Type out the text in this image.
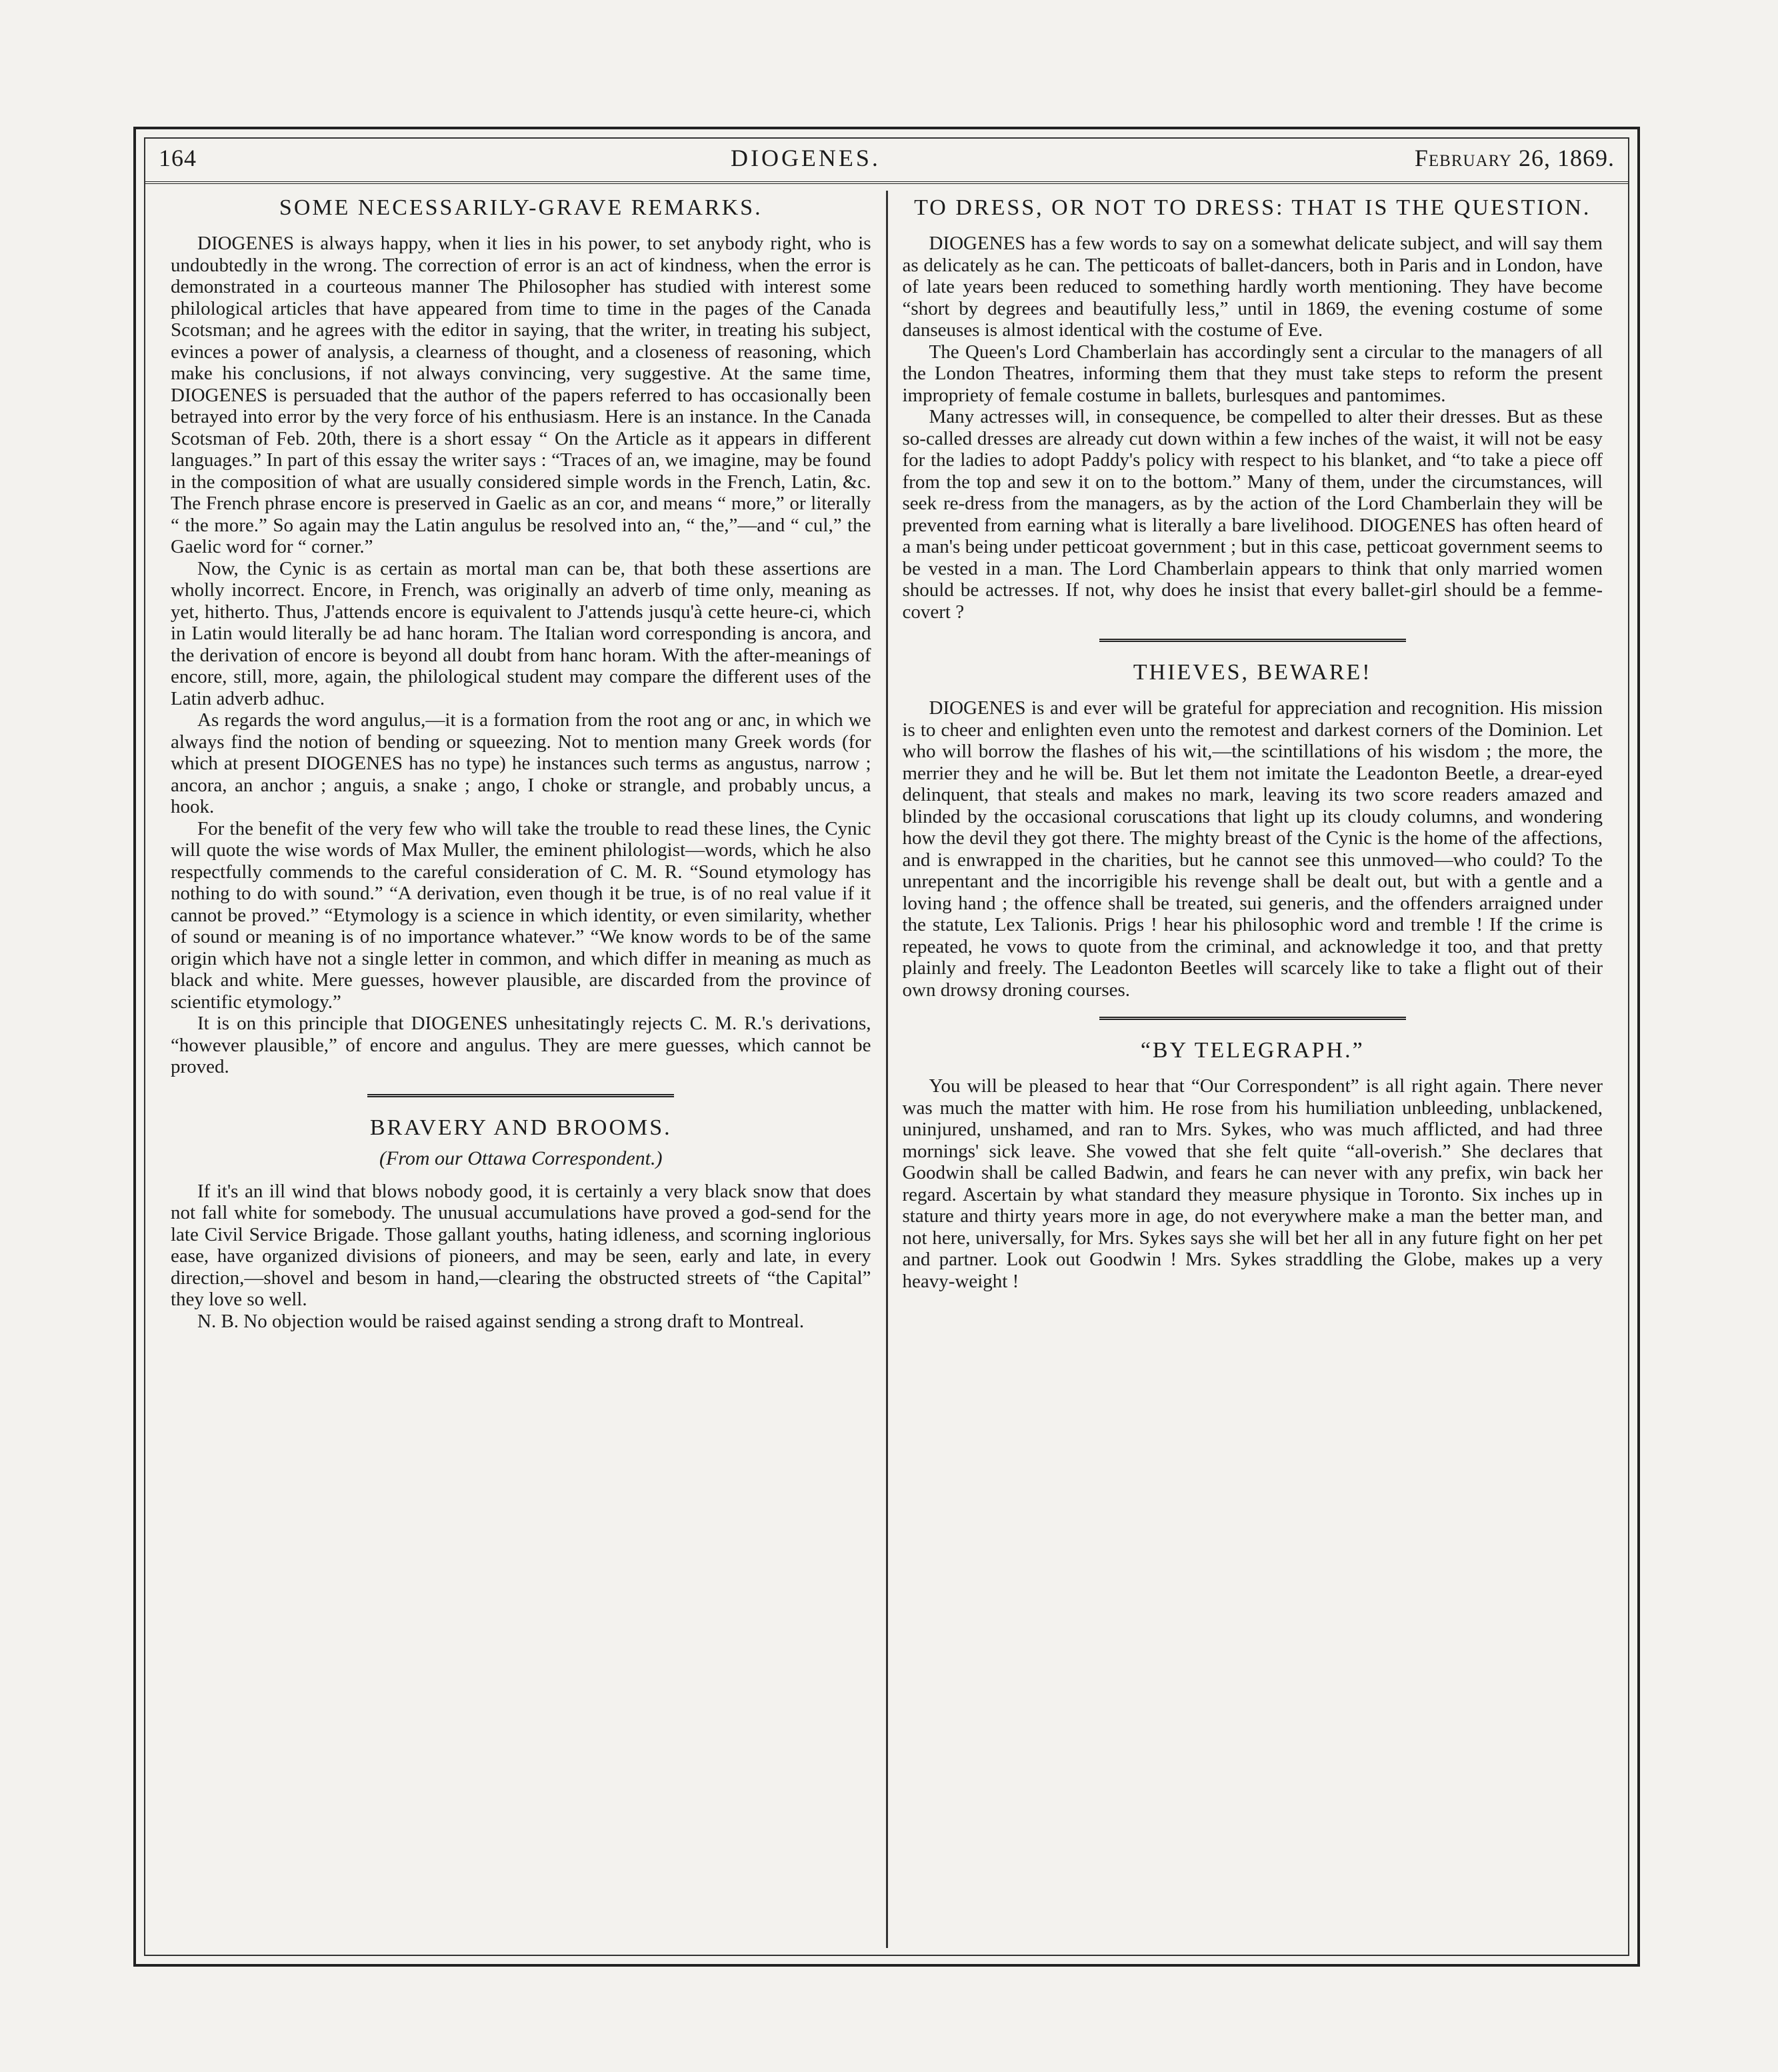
164	DIOGENES.	February 26, 1869.
SOME NECESSARILY-GRAVE REMARKS.

DIOGENES is always happy, when it lies in his power, to set anybody right, who is undoubtedly in the wrong. The correction of error is an act of kindness, when the error is demonstrated in a courteous manner The Philosopher has studied with interest some philological articles that have appeared from time to time in the pages of the Canada Scotsman; and he agrees with the editor in saying, that the writer, in treating his subject, evinces a power of analysis, a clearness of thought, and a closeness of reasoning, which make his conclusions, if not always convincing, very suggestive. At the same time, DIOGENES is persuaded that the author of the papers referred to has occasionally been betrayed into error by the very force of his enthusiasm. Here is an instance. In the Canada Scotsman of Feb. 20th, there is a short essay “ On the Article as it appears in different languages.” In part of this essay the writer says : “Traces of an, we imagine, may be found in the composition of what are usually considered simple words in the French, Latin, &c. The French phrase encore is preserved in Gaelic as an cor, and means “ more,” or literally “ the more.” So again may the Latin angulus be resolved into an, “ the,”—and “ cul,” the Gaelic word for “ corner.”

Now, the Cynic is as certain as mortal man can be, that both these assertions are wholly incorrect. Encore, in French, was originally an adverb of time only, meaning as yet, hitherto. Thus, J'attends encore is equivalent to J'attends jusqu'à cette heure-ci, which in Latin would literally be ad hanc horam. The Italian word corresponding is ancora, and the derivation of encore is beyond all doubt from hanc horam. With the after-meanings of encore, still, more, again, the philological student may compare the different uses of the Latin adverb adhuc.

As regards the word angulus,—it is a formation from the root ang or anc, in which we always find the notion of bending or squeezing. Not to mention many Greek words (for which at present DIOGENES has no type) he instances such terms as angustus, narrow ; ancora, an anchor ; anguis, a snake ; ango, I choke or strangle, and probably uncus, a hook.

For the benefit of the very few who will take the trouble to read these lines, the Cynic will quote the wise words of Max Muller, the eminent philologist—words, which he also respectfully commends to the careful consideration of C. M. R. “Sound etymology has nothing to do with sound.” “A derivation, even though it be true, is of no real value if it cannot be proved.” “Etymology is a science in which identity, or even similarity, whether of sound or meaning is of no importance whatever.” “We know words to be of the same origin which have not a single letter in common, and which differ in meaning as much as black and white. Mere guesses, however plausible, are discarded from the province of scientific etymology.”

It is on this principle that DIOGENES unhesitatingly rejects C. M. R.'s derivations, “however plausible,” of encore and angulus. They are mere guesses, which cannot be proved.

BRAVERY AND BROOMS.
(From our Ottawa Correspondent.)

If it's an ill wind that blows nobody good, it is certainly a very black snow that does not fall white for somebody. The unusual accumulations have proved a god-send for the late Civil Service Brigade. Those gallant youths, hating idleness, and scorning inglorious ease, have organized divisions of pioneers, and may be seen, early and late, in every direction,—shovel and besom in hand,—clearing the obstructed streets of “the Capital” they love so well.

N. B. No objection would be raised against sending a strong draft to Montreal.

TO DRESS, OR NOT TO DRESS: THAT IS THE QUESTION.

DIOGENES has a few words to say on a somewhat delicate subject, and will say them as delicately as he can. The petticoats of ballet-dancers, both in Paris and in London, have of late years been reduced to something hardly worth mentioning. They have become “short by degrees and beautifully less,” until in 1869, the evening costume of some danseuses is almost identical with the costume of Eve.

The Queen's Lord Chamberlain has accordingly sent a circular to the managers of all the London Theatres, informing them that they must take steps to reform the present impropriety of female costume in ballets, burlesques and pantomimes.

Many actresses will, in consequence, be compelled to alter their dresses. But as these so-called dresses are already cut down within a few inches of the waist, it will not be easy for the ladies to adopt Paddy's policy with respect to his blanket, and “to take a piece off from the top and sew it on to the bottom.” Many of them, under the circumstances, will seek re-dress from the managers, as by the action of the Lord Chamberlain they will be prevented from earning what is literally a bare livelihood. DIOGENES has often heard of a man's being under petticoat government ; but in this case, petticoat government seems to be vested in a man. The Lord Chamberlain appears to think that only married women should be actresses. If not, why does he insist that every ballet-girl should be a femme-covert ?

THIEVES, BEWARE!

DIOGENES is and ever will be grateful for appreciation and recognition. His mission is to cheer and enlighten even unto the remotest and darkest corners of the Dominion. Let who will borrow the flashes of his wit,—the scintillations of his wisdom ; the more, the merrier they and he will be. But let them not imitate the Leadonton Beetle, a drear-eyed delinquent, that steals and makes no mark, leaving its two score readers amazed and blinded by the occasional coruscations that light up its cloudy columns, and wondering how the devil they got there. The mighty breast of the Cynic is the home of the affections, and is enwrapped in the charities, but he cannot see this unmoved—who could? To the unrepentant and the incorrigible his revenge shall be dealt out, but with a gentle and a loving hand ; the offence shall be treated, sui generis, and the offenders arraigned under the statute, Lex Talionis. Prigs ! hear his philosophic word and tremble ! If the crime is repeated, he vows to quote from the criminal, and acknowledge it too, and that pretty plainly and freely. The Leadonton Beetles will scarcely like to take a flight out of their own drowsy droning courses.

“BY TELEGRAPH.”

You will be pleased to hear that “Our Correspondent” is all right again. There never was much the matter with him. He rose from his humiliation unbleeding, unblackened, uninjured, unshamed, and ran to Mrs. Sykes, who was much afflicted, and had three mornings' sick leave. She vowed that she felt quite “all-overish.” She declares that Goodwin shall be called Badwin, and fears he can never with any prefix, win back her regard. Ascertain by what standard they measure physique in Toronto. Six inches up in stature and thirty years more in age, do not everywhere make a man the better man, and not here, universally, for Mrs. Sykes says she will bet her all in any future fight on her pet and partner. Look out Goodwin ! Mrs. Sykes straddling the Globe, makes up a very heavy-weight !
